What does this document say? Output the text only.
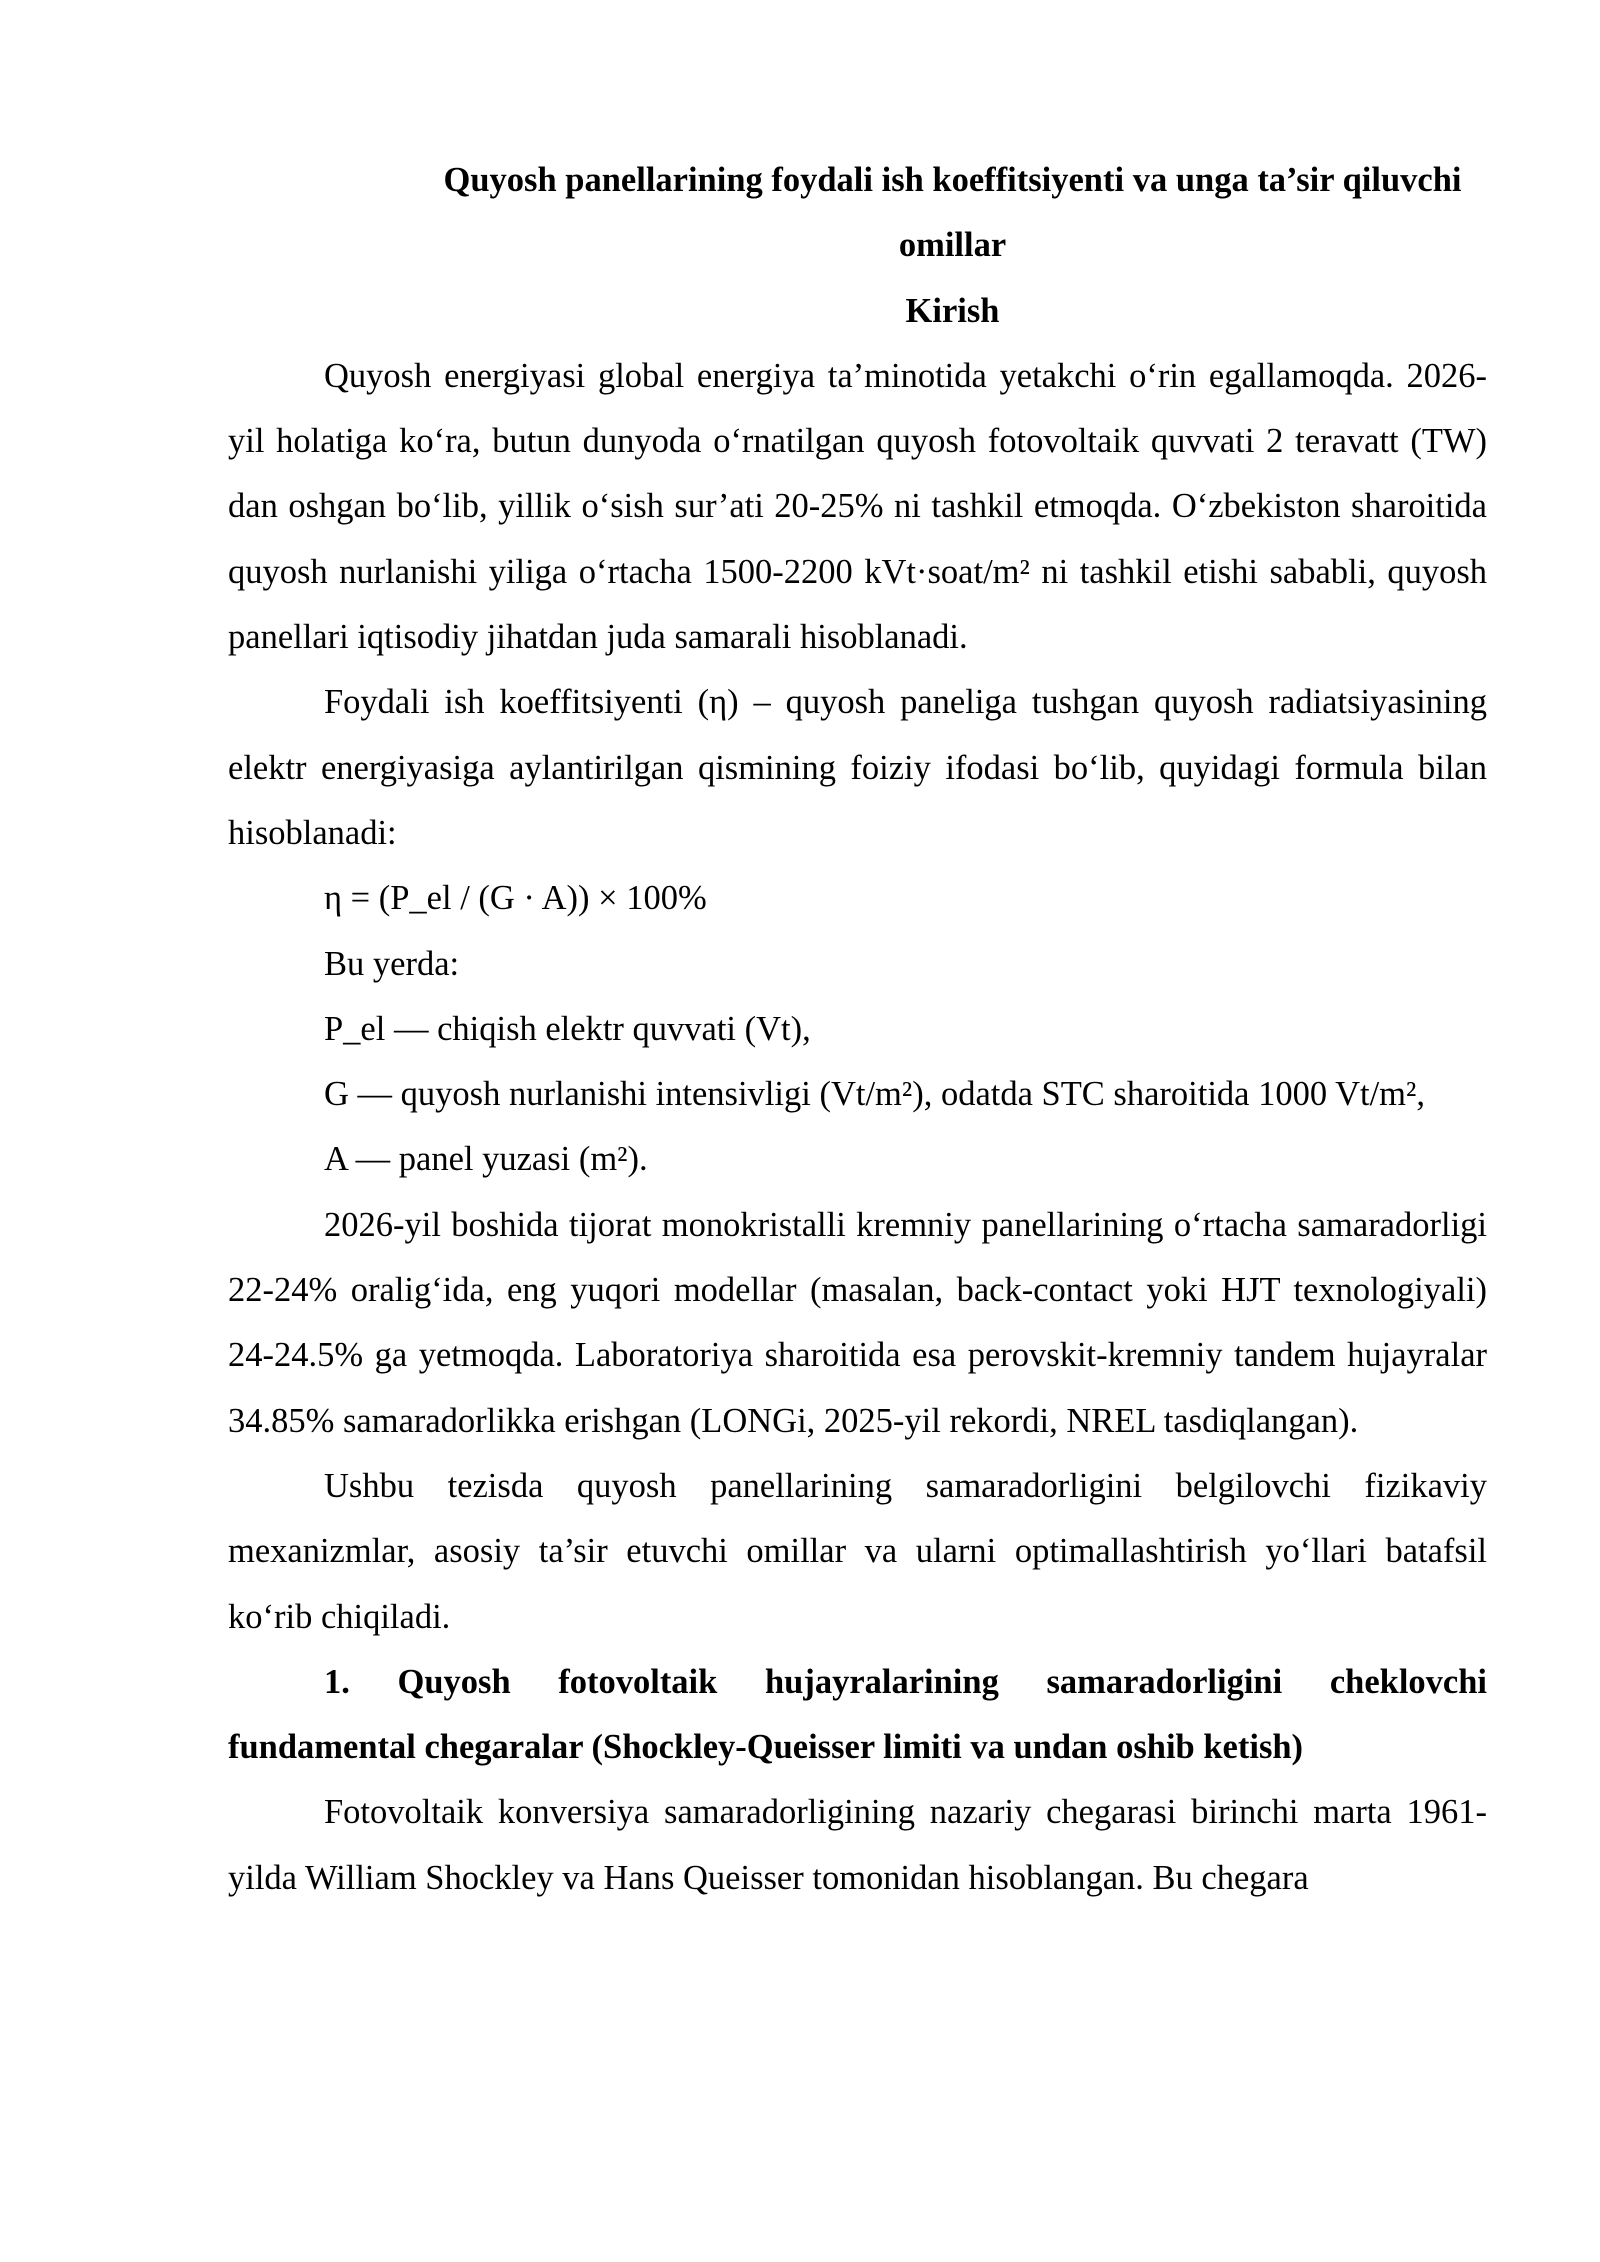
Quyosh panellarining foydali ish koeffitsiyenti va unga ta’sir qiluvchi omillar

Kirish

Quyosh energiyasi global energiya ta’minotida yetakchi o‘rin egallamoqda. 2026-yil holatiga ko‘ra, butun dunyoda o‘rnatilgan quyosh fotovoltaik quvvati 2 teravatt (TW) dan oshgan bo‘lib, yillik o‘sish sur’ati 20-25% ni tashkil etmoqda. O‘zbekiston sharoitida quyosh nurlanishi yiliga o‘rtacha 1500-2200 kVt·soat/m² ni tashkil etishi sababli, quyosh panellari iqtisodiy jihatdan juda samarali hisoblanadi.

Foydali ish koeffitsiyenti (η) – quyosh paneliga tushgan quyosh radiatsiyasining elektr energiyasiga aylantirilgan qismining foiziy ifodasi bo‘lib, quyidagi formula bilan hisoblanadi:

η = (P_el / (G · A)) × 100%

Bu yerda:

P_el — chiqish elektr quvvati (Vt),

G — quyosh nurlanishi intensivligi (Vt/m²), odatda STC sharoitida 1000 Vt/m²,

A — panel yuzasi (m²).

2026-yil boshida tijorat monokristalli kremniy panellarining o‘rtacha samaradorligi 22-24% oralig‘ida, eng yuqori modellar (masalan, back-contact yoki HJT texnologiyali) 24-24.5% ga yetmoqda. Laboratoriya sharoitida esa perovskit-kremniy tandem hujayralar 34.85% samaradorlikka erishgan (LONGi, 2025-yil rekordi, NREL tasdiqlangan).

Ushbu tezisda quyosh panellarining samaradorligini belgilovchi fizikaviy mexanizmlar, asosiy ta’sir etuvchi omillar va ularni optimallashtirish yo‘llari batafsil ko‘rib chiqiladi.

1. Quyosh fotovoltaik hujayralarining samaradorligini cheklovchi fundamental chegaralar (Shockley-Queisser limiti va undan oshib ketish)

Fotovoltaik konversiya samaradorligining nazariy chegarasi birinchi marta 1961-yilda William Shockley va Hans Queisser tomonidan hisoblangan. Bu chegara
